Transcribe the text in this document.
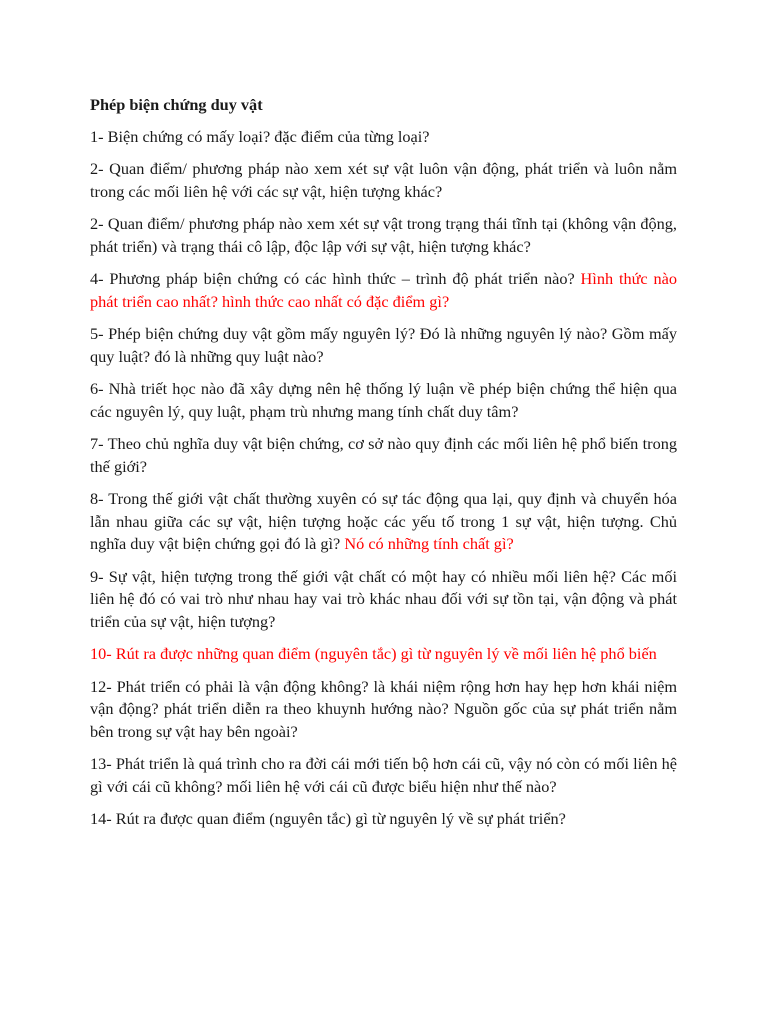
Phép biện chứng duy vật

1- Biện chứng có mấy loại? đặc điểm của từng loại?

2- Quan điểm/ phương pháp nào xem xét sự vật luôn vận động, phát triển và luôn nằm trong các mối liên hệ với các sự vật, hiện tượng khác?

2- Quan điểm/ phương pháp nào xem xét sự vật trong trạng thái tĩnh tại (không vận động, phát triển) và trạng thái cô lập, độc lập với sự vật, hiện tượng khác?

4- Phương pháp biện chứng có các hình thức – trình độ phát triển nào? Hình thức nào phát triển cao nhất? hình thức cao nhất có đặc điểm gì?

5- Phép biện chứng duy vật gồm mấy nguyên lý? Đó là những nguyên lý nào? Gồm mấy quy luật? đó là những quy luật nào?

6- Nhà triết học nào đã xây dựng nên hệ thống lý luận về phép biện chứng thể hiện qua các nguyên lý, quy luật, phạm trù nhưng mang tính chất duy tâm?

7- Theo chủ nghĩa duy vật biện chứng, cơ sở nào quy định các mối liên hệ phổ biến trong thế giới?

8- Trong thế giới vật chất thường xuyên có sự tác động qua lại, quy định và chuyển hóa lẫn nhau giữa các sự vật, hiện tượng hoặc các yếu tố trong 1 sự vật, hiện tượng. Chủ nghĩa duy vật biện chứng gọi đó là gì? Nó có những tính chất gì?

9- Sự vật, hiện tượng trong thế giới vật chất có một hay có nhiều mối liên hệ? Các mối liên hệ đó có vai trò như nhau hay vai trò khác nhau đối với sự tồn tại, vận động và phát triển của sự vật, hiện tượng?

10- Rút ra được những quan điểm (nguyên tắc) gì từ nguyên lý về mối liên hệ phổ biến

12- Phát triển có phải là vận động không? là khái niệm rộng hơn hay hẹp hơn khái niệm vận động? phát triển diễn ra theo khuynh hướng nào? Nguồn gốc của sự phát triển nằm bên trong sự vật hay bên ngoài?

13- Phát triển là quá trình cho ra đời cái mới tiến bộ hơn cái cũ, vậy nó còn có mối liên hệ gì với cái cũ không? mối liên hệ với cái cũ được biểu hiện như thế nào?

14- Rút ra được quan điểm (nguyên tắc) gì từ nguyên lý về sự phát triển?
